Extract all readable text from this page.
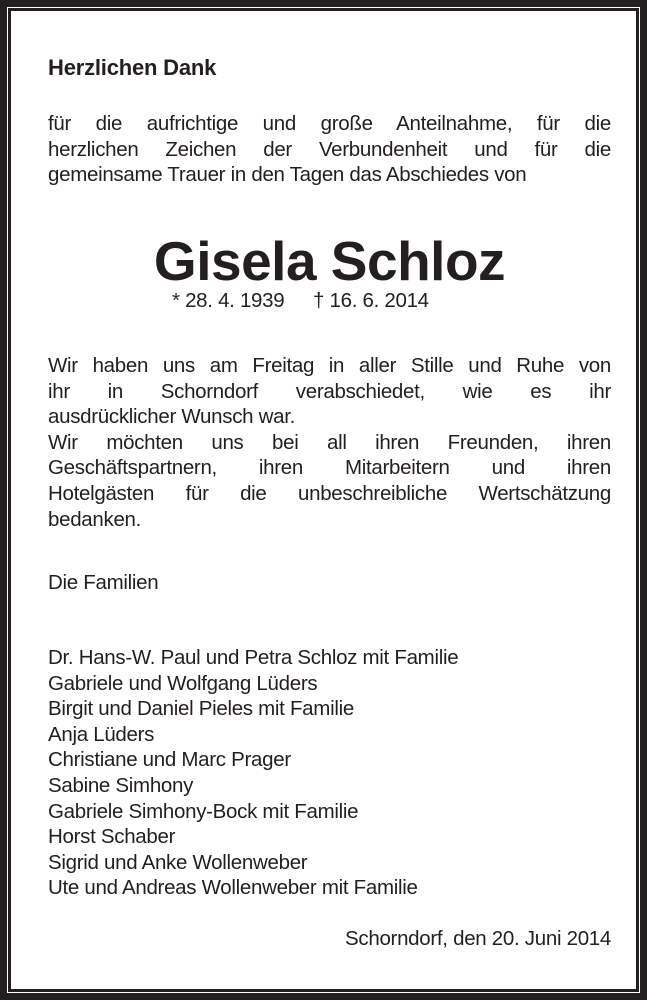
Herzlichen Dank
für die aufrichtige und große Anteilnahme, für die
herzlichen Zeichen der Verbundenheit und für die
gemeinsame Trauer in den Tagen das Abschiedes von
Gisela Schloz
* 28. 4. 1939 † 16. 6. 2014
Wir haben uns am Freitag in aller Stille und Ruhe von
ihr in Schorndorf verabschiedet, wie es ihr
ausdrücklicher Wunsch war.
Wir möchten uns bei all ihren Freunden, ihren
Geschäftspartnern, ihren Mitarbeitern und ihren
Hotelgästen für die unbeschreibliche Wertschätzung
bedanken.
Die Familien
Dr. Hans-W. Paul und Petra Schloz mit Familie
Gabriele und Wolfgang Lüders
Birgit und Daniel Pieles mit Familie
Anja Lüders
Christiane und Marc Prager
Sabine Simhony
Gabriele Simhony-Bock mit Familie
Horst Schaber
Sigrid und Anke Wollenweber
Ute und Andreas Wollenweber mit Familie
Schorndorf, den 20. Juni 2014
